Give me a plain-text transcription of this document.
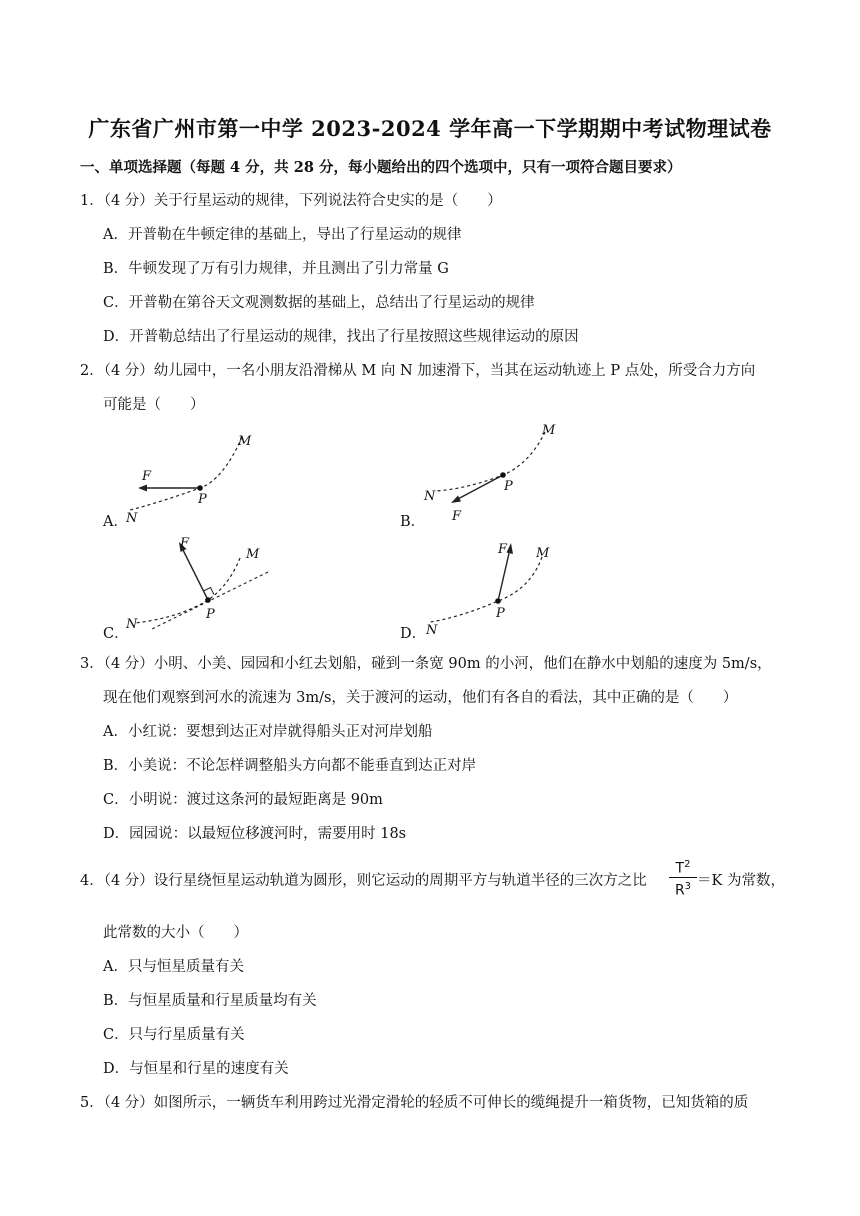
广东省广州市第一中学 2023-2024 学年高一下学期期中考试物理试卷
一、单项选择题（每题 4 分，共 28 分，每小题给出的四个选项中，只有一项符合题目要求）
1．（4 分）关于行星运动的规律，下列说法符合史实的是（　　）
A．开普勒在牛顿定律的基础上，导出了行星运动的规律
B．牛顿发现了万有引力规律，并且测出了引力常量 G
C．开普勒在第谷天文观测数据的基础上，总结出了行星运动的规律
D．开普勒总结出了行星运动的规律，找出了行星按照这些规律运动的原因
2．（4 分）幼儿园中，一名小朋友沿滑梯从 M 向 N 加速滑下，当其在运动轨迹上 P 点处，所受合力方向
可能是（　　）
A．
M
F
P
N	B．
M
N
P
F
C．
M
F
P
N
D．
F M
P
N
3．（4 分）小明、小美、园园和小红去划船，碰到一条宽 90m 的小河，他们在静水中划船的速度为 5m/s，
现在他们观察到河水的流速为 3m/s，关于渡河的运动，他们有各自的看法，其中正确的是（　　）
A．小红说：要想到达正对岸就得船头正对河岸划船
B．小美说：不论怎样调整船头方向都不能垂直到达正对岸
C．小明说：渡过这条河的最短距离是 90m
D．园园说：以最短位移渡河时，需要用时 18s
4．（4 分）设行星绕恒星运动轨道为圆形，则它运动的周期平方与轨道半径的三次方之比 $\frac{T^2}{R^3} =K$ 为常数，
此常数的大小（　　）
A．只与恒星质量有关
B．与恒星质量和行星质量均有关
C．只与行星质量有关
D．与恒星和行星的速度有关
5．（4 分）如图所示，一辆货车利用跨过光滑定滑轮的轻质不可伸长的缆绳提升一箱货物，已知货箱的质
